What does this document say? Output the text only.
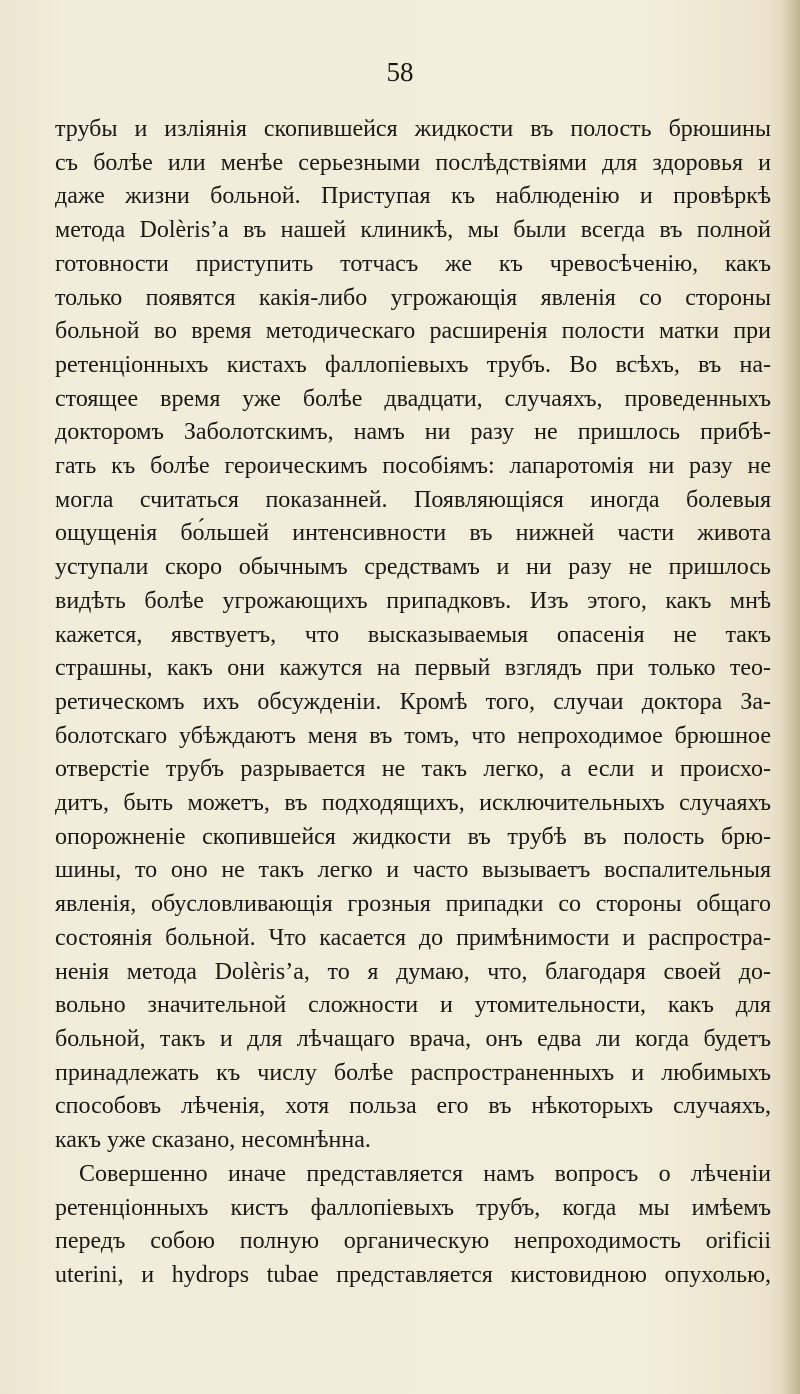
58
трубы и изліянія скопившейся жидкости въ полость брюшины
съ болѣе или менѣе серьезными послѣдствіями для здоровья и
даже жизни больной. Приступая къ наблюденію и провѣркѣ
метода Dolèris’а въ нашей клиникѣ, мы были всегда въ полной
готовности приступить тотчасъ же къ чревосѣченію, какъ
только появятся какія-либо угрожающія явленія со стороны
больной во время методическаго расширенія полости матки при
ретенціонныхъ кистахъ фаллопіевыхъ трубъ. Во всѣхъ, въ на-
стоящее время уже болѣе двадцати, случаяхъ, проведенныхъ
докторомъ Заболотскимъ, намъ ни разу не пришлось прибѣ-
гать къ болѣе героическимъ пособіямъ: лапаротомія ни разу не
могла считаться показанней. Появляющіяся иногда болевыя
ощущенія бо́льшей интенсивности въ нижней части живота
уступали скоро обычнымъ средствамъ и ни разу не пришлось
видѣть болѣе угрожающихъ припадковъ. Изъ этого, какъ мнѣ
кажется, явствуетъ, что высказываемыя опасенія не такъ
страшны, какъ они кажутся на первый взглядъ при только тео-
ретическомъ ихъ обсужденіи. Кромѣ того, случаи доктора За-
болотскаго убѣждаютъ меня въ томъ, что непроходимое брюшное
отверстіе трубъ разрывается не такъ легко, а если и происхо-
дитъ, быть можетъ, въ подходящихъ, исключительныхъ случаяхъ
опорожненіе скопившейся жидкости въ трубѣ въ полость брю-
шины, то оно не такъ легко и часто вызываетъ воспалительныя
явленія, обусловливающія грозныя припадки со стороны общаго
состоянія больной. Что касается до примѣнимости и распростра-
ненія метода Dolèris’а, то я думаю, что, благодаря своей до-
вольно значительной сложности и утомительности, какъ для
больной, такъ и для лѣчащаго врача, онъ едва ли когда будетъ
принадлежать къ числу болѣе распространенныхъ и любимыхъ
способовъ лѣченія, хотя польза его въ нѣкоторыхъ случаяхъ,
какъ уже сказано, несомнѣнна.
Совершенно иначе представляется намъ вопросъ о лѣченіи
ретенціонныхъ кистъ фаллопіевыхъ трубъ, когда мы имѣемъ
передъ собою полную органическую непроходимость orificii
uterini, и hydrops tubae представляется кистовидною опухолью,
